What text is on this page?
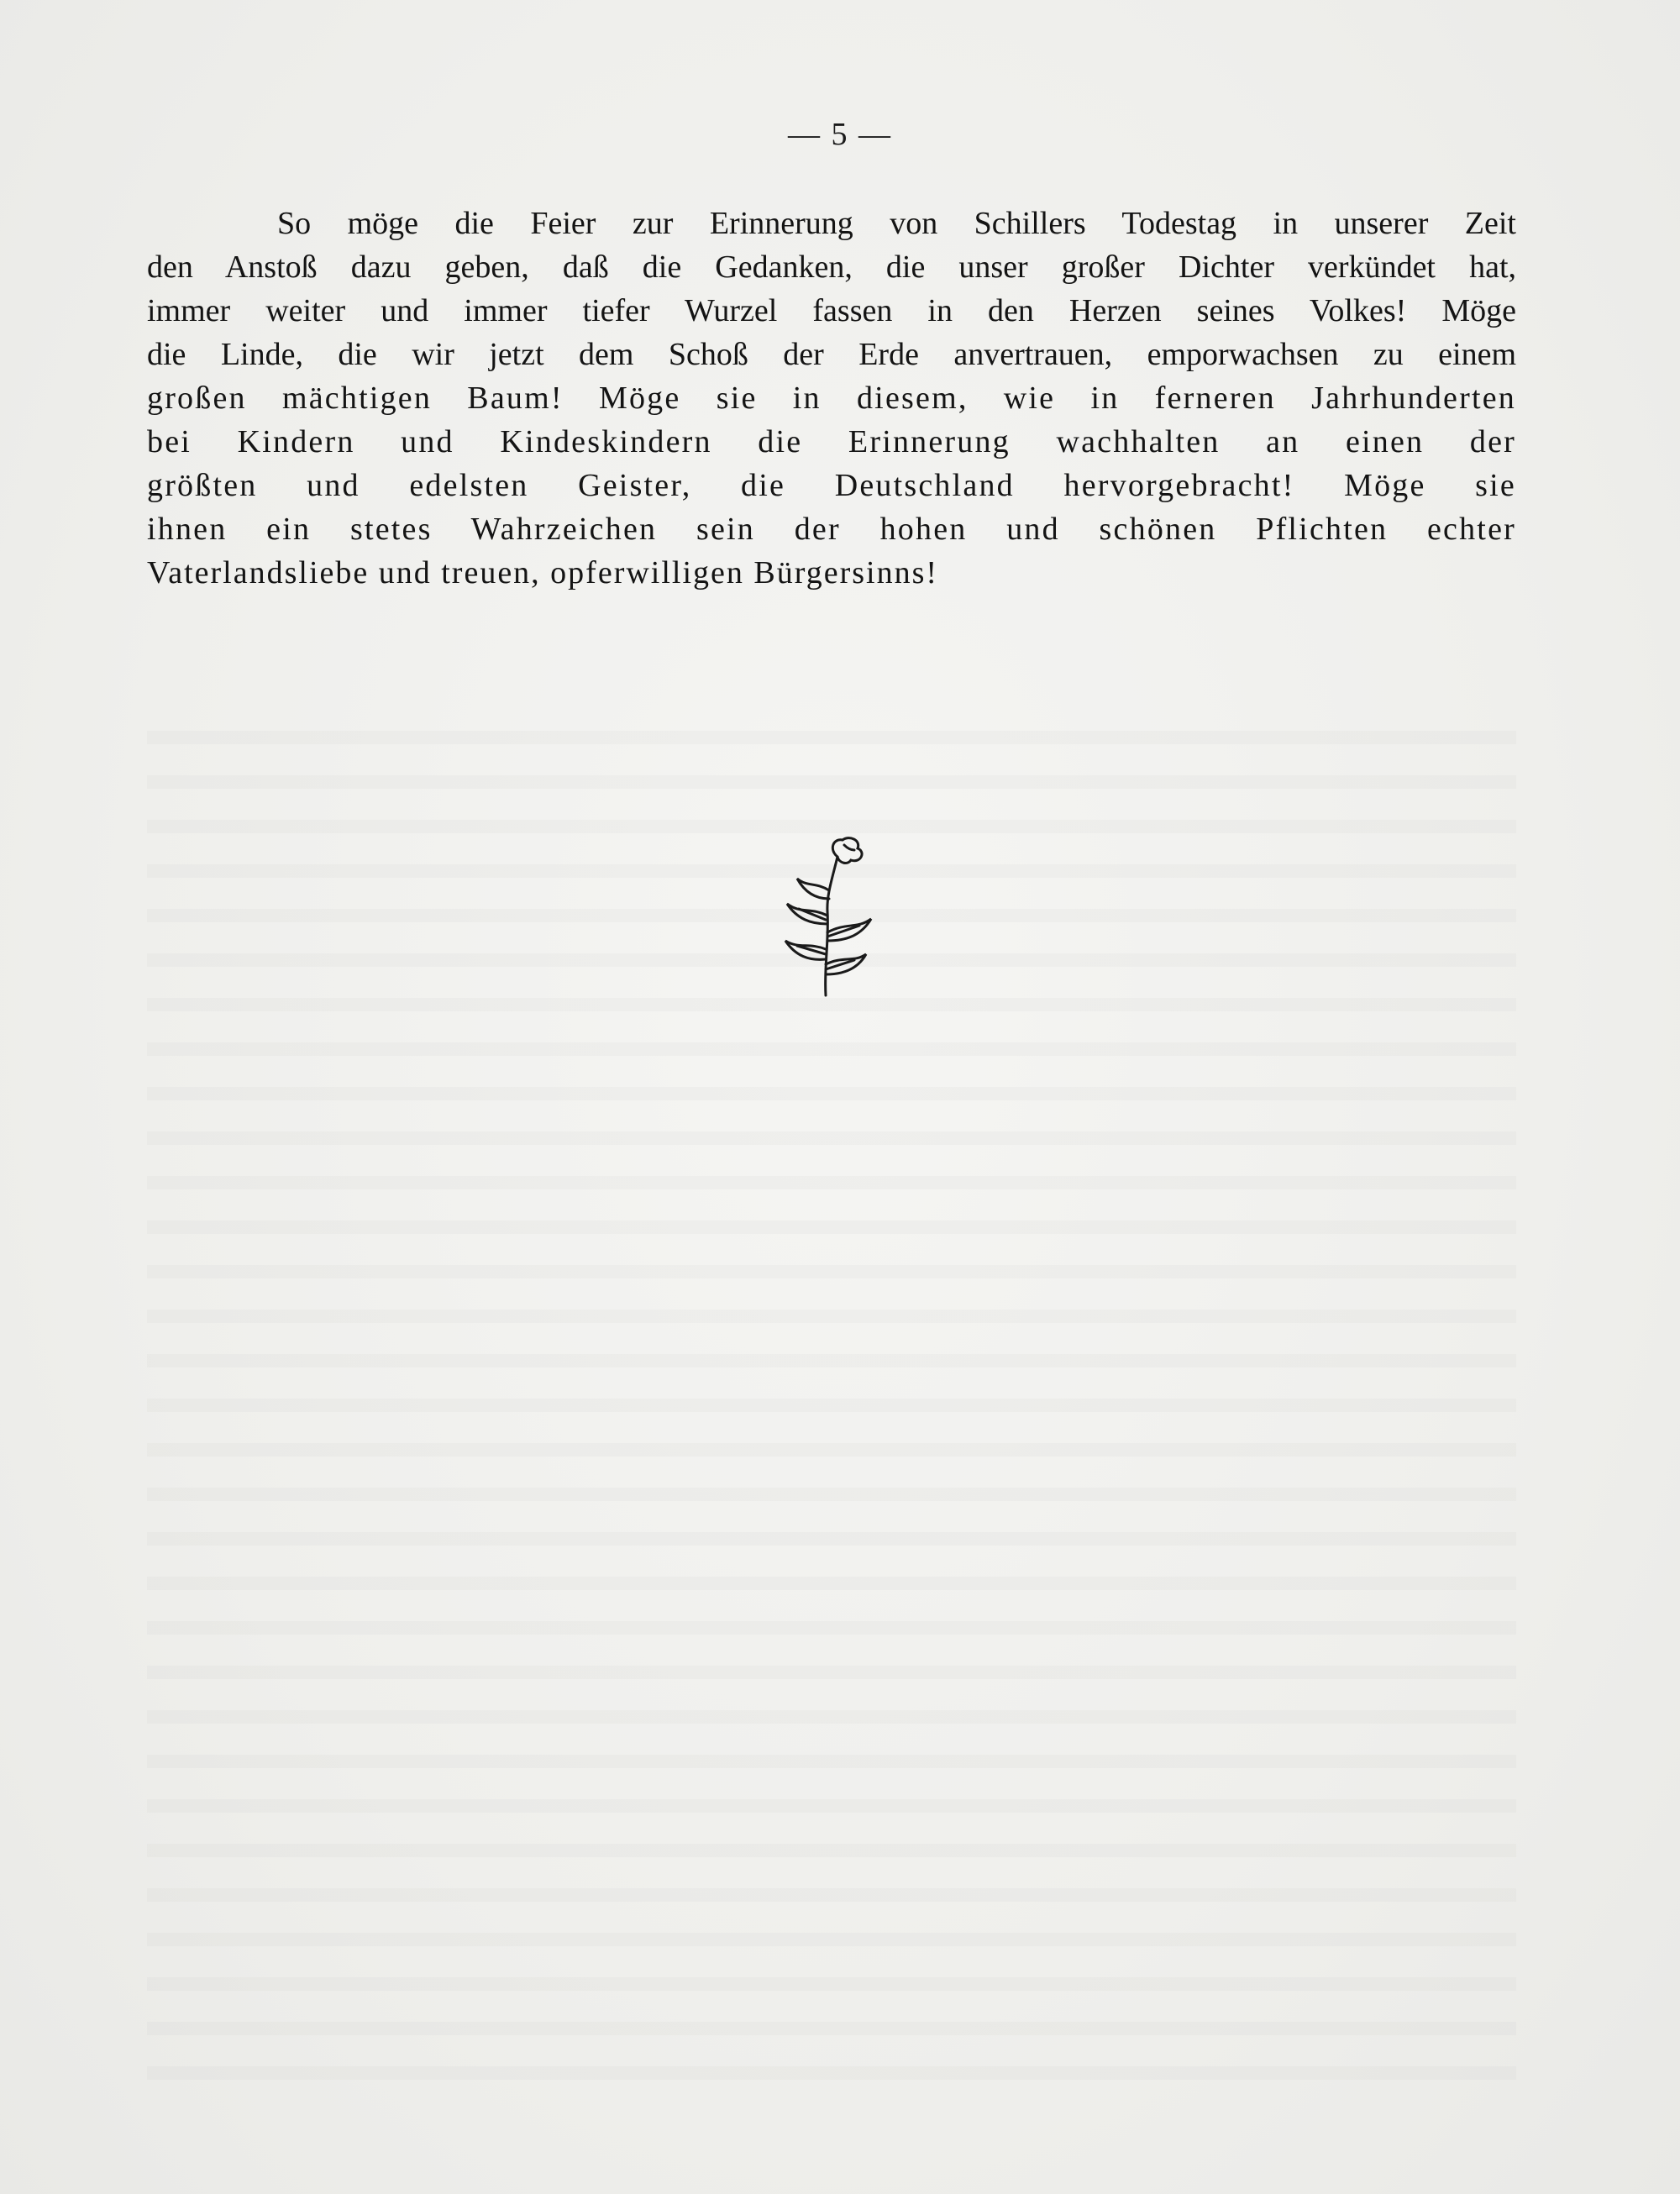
— 5 —
So möge die Feier zur Erinnerung von Schillers Todestag in unserer Zeit
den Anstoß dazu geben, daß die Gedanken, die unser großer Dichter verkündet hat,
immer weiter und immer tiefer Wurzel fassen in den Herzen seines Volkes! Möge
die Linde, die wir jetzt dem Schoß der Erde anvertrauen, emporwachsen zu einem
großen mächtigen Baum! Möge sie in diesem, wie in ferneren Jahrhunderten
bei Kindern und Kindeskindern die Erinnerung wachhalten an einen der
größten und edelsten Geister, die Deutschland hervorgebracht! Möge sie
ihnen ein stetes Wahrzeichen sein der hohen und schönen Pflichten echter
Vaterlandsliebe und treuen, opferwilligen Bürgersinns!
